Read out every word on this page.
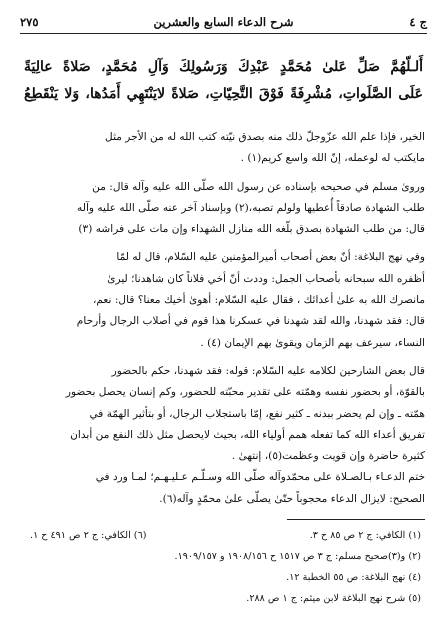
ج ٤
شرح الدعاء السابع والعشرين
٢٧٥

أَلـلّهُمَّ صَلِّ عَلىٰ مُحَمَّدٍ عَبْدِكَ وَرَسُولِكَ وَآلِ مُحَمَّدٍ، صَلاةً عالِيَةً

عَلَى الصَّلَواتِ، مُشْرِفَةً فَوْقَ التَّحِيّاتِ، صَلاةً لايَنْتَهِي أَمَدُها، وَلا يَنْقَطِعُ

الخير، فإذا علم الله عزّوجلّ ذلك منه بصدق نيّته كتب الله له من الأجر مثل

مايكتب له لوعمله، إنّ الله واسع كريم(١) .

وروىٰ مسلم في صحيحه بإسناده عن رسول الله صلّى الله عليه وآله قال: من

طلب الشهادة صادقاً أُعطيها ولولم تصبه،(٢) وبإسناد آخر عنه صلّى الله عليه وآله

قال: من طلب الشهادة بصدق بلّغه الله منازل الشهداء وإن مات على فراشه (٣)

وفي نهج البلاغة: أنّ بعض أصحاب أميرالمؤمنين عليه السّلام، قال له لمّا

أظفره الله سبحانه بأصحاب الجمل: وددت أنّ أخي فلاناً كان شاهدنا؛ ليرىٰ

مانصرك الله به علىٰ أعدائك ، فقال عليه السّلام: أهوىٰ أخيك معنا؟ قال: نعم،

قال: فقد شهدنا، والله لقد شهدنا في عسكرنا هذا قوم في أصلاب الرجال وأرحام

النساء، سيرعف بهم الزمان ويقوىٰ بهم الإيمان (٤) .

قال بعض الشارحين لكلامه عليه السّلام: قوله: فقد شهدنا، حكم بالحضور

بالقوّة، أو بحضور نفسه وهمّته على تقدير محبّته للحضور، وكم إنسان يحصل بحضور

همّته ـ وإن لم يحضر ببدنه ـ كثير نفع، إمّا باستجلاب الرجال، أو بتأثير الهمّة في

تفريق أعداء الله كما تفعله همم أولياء الله، بحيث لايحصل مثل ذلك النفع من أبدان

كثيرة حاضرة وإن قويت وعظمت(٥)، إنتهىٰ .

ختم الدعـاء بـالصـلاة على محمّدوآله صلّى الله وسـلّـم عـليـهـم؛ لمـا ورد في

الصحيح: لايزال الدعاء محجوباً حتّىٰ يصلّى علىٰ محمّدٍ وآله(٦).

(١) الكافي: ج ٢ ص ٨٥ ح ٣.
(٦) الكافي: ج ٢ ص ٤٩١ ح ١.
(٢) و(٣)صحيح مسلم: ج ٣ ص ١٥١٧ ح ١٩٠٨/١٥٦ و ١٩٠٩/١٥٧.
(٤) نهج البلاغة: ص ٥٥ الخطبة ١٢.
(٥) شرح نهج البلاغة لابن ميثم: ج ١ ص ٢٨٨.
